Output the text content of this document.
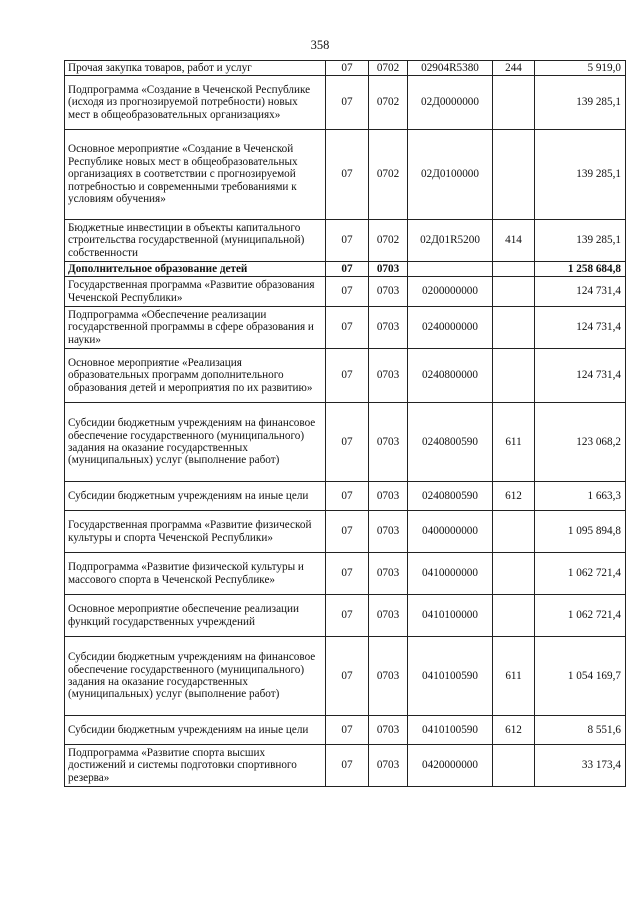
358
Прочая закупка товаров, работ и услуг	07	0702	02904R5380	244	5 919,0
Подпрограмма «Создание в Чеченской Республике (исходя из прогнозируемой потребности) новых мест в общеобразовательных организациях»	07	0702	02Д0000000		139 285,1
Основное мероприятие «Создание в Чеченской Республике новых мест в общеобразовательных организациях в соответствии с прогнозируемой потребностью и современными требованиями к условиям обучения»	07	0702	02Д0100000		139 285,1
Бюджетные инвестиции в объекты капитального строительства государственной (муниципальной) собственности	07	0702	02Д01R5200	414	139 285,1
Дополнительное образование детей	07	0703			1 258 684,8
Государственная программа «Развитие образования Чеченской Республики»	07	0703	0200000000		124 731,4
Подпрограмма «Обеспечение реализации государственной программы в сфере образования и науки»	07	0703	0240000000		124 731,4
Основное мероприятие «Реализация образовательных программ дополнительного образования детей и мероприятия по их развитию»	07	0703	0240800000		124 731,4
Субсидии бюджетным учреждениям на финансовое обеспечение государственного (муниципального) задания на оказание государственных (муниципальных) услуг (выполнение работ)	07	0703	0240800590	611	123 068,2
Субсидии бюджетным учреждениям на иные цели	07	0703	0240800590	612	1 663,3
Государственная программа «Развитие физической культуры и спорта Чеченской Республики»	07	0703	0400000000		1 095 894,8
Подпрограмма «Развитие физической культуры и массового спорта в Чеченской Республике»	07	0703	0410000000		1 062 721,4
Основное мероприятие обеспечение реализации функций государственных учреждений	07	0703	0410100000		1 062 721,4
Субсидии бюджетным учреждениям на финансовое обеспечение государственного (муниципального) задания на оказание государственных (муниципальных) услуг (выполнение работ)	07	0703	0410100590	611	1 054 169,7
Субсидии бюджетным учреждениям на иные цели	07	0703	0410100590	612	8 551,6
Подпрограмма «Развитие спорта высших достижений и системы подготовки спортивного резерва»	07	0703	0420000000		33 173,4
